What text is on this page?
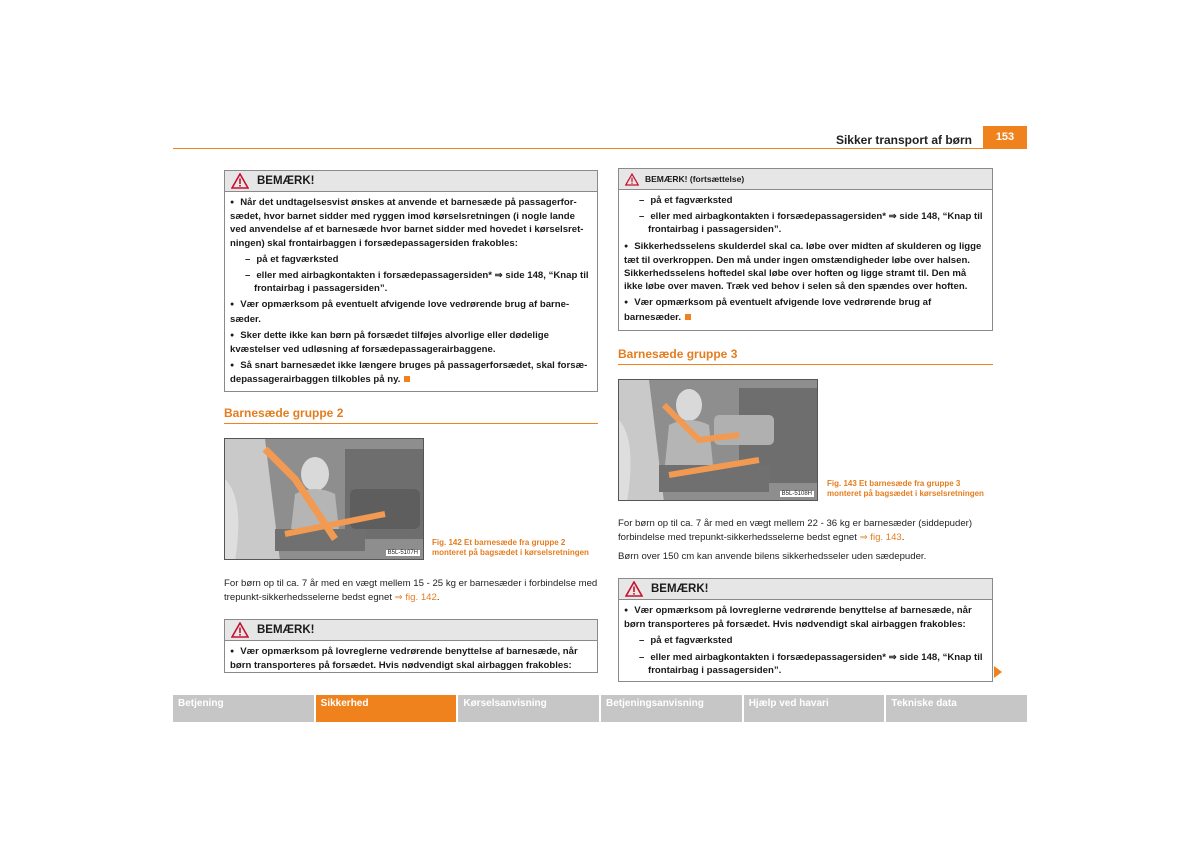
Sikker transport af børn	153
BEMÆRK!

● Når det undtagelsesvist ønskes at anvende et barnesæde på passagerfor- sædet, hvor barnet sidder med ryggen imod kørselsretningen (i nogle lande ved anvendelse af et barnesæde hvor barnet sidder med hovedet i kørselsret- ningen) skal frontairbaggen i forsædepassagersiden frakobles:

– på et fagværksted

– eller med airbagkontakten i forsædepassagersiden* ⇒ side 148, “Knap til frontairbag i passagersiden”.

● Vær opmærksom på eventuelt afvigende love vedrørende brug af barne- sæder.

● Sker dette ikke kan børn på forsædet tilføjes alvorlige eller dødelige kvæstelser ved udløsning af forsædepassagerairbaggene.

● Så snart barnesædet ikke længere bruges på passagerforsædet, skal forsæ- depassagerairbaggen tilkobles på ny.

Barnesæde gruppe 2
B5L-5107H
Fig. 142 Et barnesæde fra gruppe 2
monteret på bagsædet i kørselsretningen
For børn op til ca. 7 år med en vægt mellem 15 - 25 kg er barnesæder i forbindelse med
trepunkt-sikkerhedsselerne bedst egnet ⇒ fig. 142.
BEMÆRK!

● Vær opmærksom på lovreglerne vedrørende benyttelse af barnesæde, når børn transporteres på forsædet. Hvis nødvendigt skal airbaggen frakobles:

BEMÆRK! (fortsættelse)

– på et fagværksted

– eller med airbagkontakten i forsædepassagersiden* ⇒ side 148, “Knap til frontairbag i passagersiden”.

● Sikkerhedsselens skulderdel skal ca. løbe over midten af skulderen og ligge tæt til overkroppen. Den må under ingen omstændigheder løbe over halsen. Sikkerhedsselens hoftedel skal løbe over hoften og ligge stramt til. Den må ikke løbe over maven. Træk ved behov i selen så den spændes over hoften.

● Vær opmærksom på eventuelt afvigende love vedrørende brug af barnesæder.

Barnesæde gruppe 3
B5L-5108H
Fig. 143 Et barnesæde fra gruppe 3
monteret på bagsædet i kørselsretningen
For børn op til ca. 7 år med en vægt mellem 22 - 36 kg er barnesæder (siddepuder)
forbindelse med trepunkt-sikkerhedsselerne bedst egnet ⇒ fig. 143.
Børn over 150 cm kan anvende bilens sikkerhedsseler uden sædepuder.
BEMÆRK!

● Vær opmærksom på lovreglerne vedrørende benyttelse af barnesæde, når børn transporteres på forsædet. Hvis nødvendigt skal airbaggen frakobles:

– på et fagværksted

– eller med airbagkontakten i forsædepassagersiden* ⇒ side 148, “Knap til frontairbag i passagersiden”.

Betjening	Sikkerhed	Kørselsanvisning	Betjeningsanvisning	Hjælp ved havari	Tekniske data
